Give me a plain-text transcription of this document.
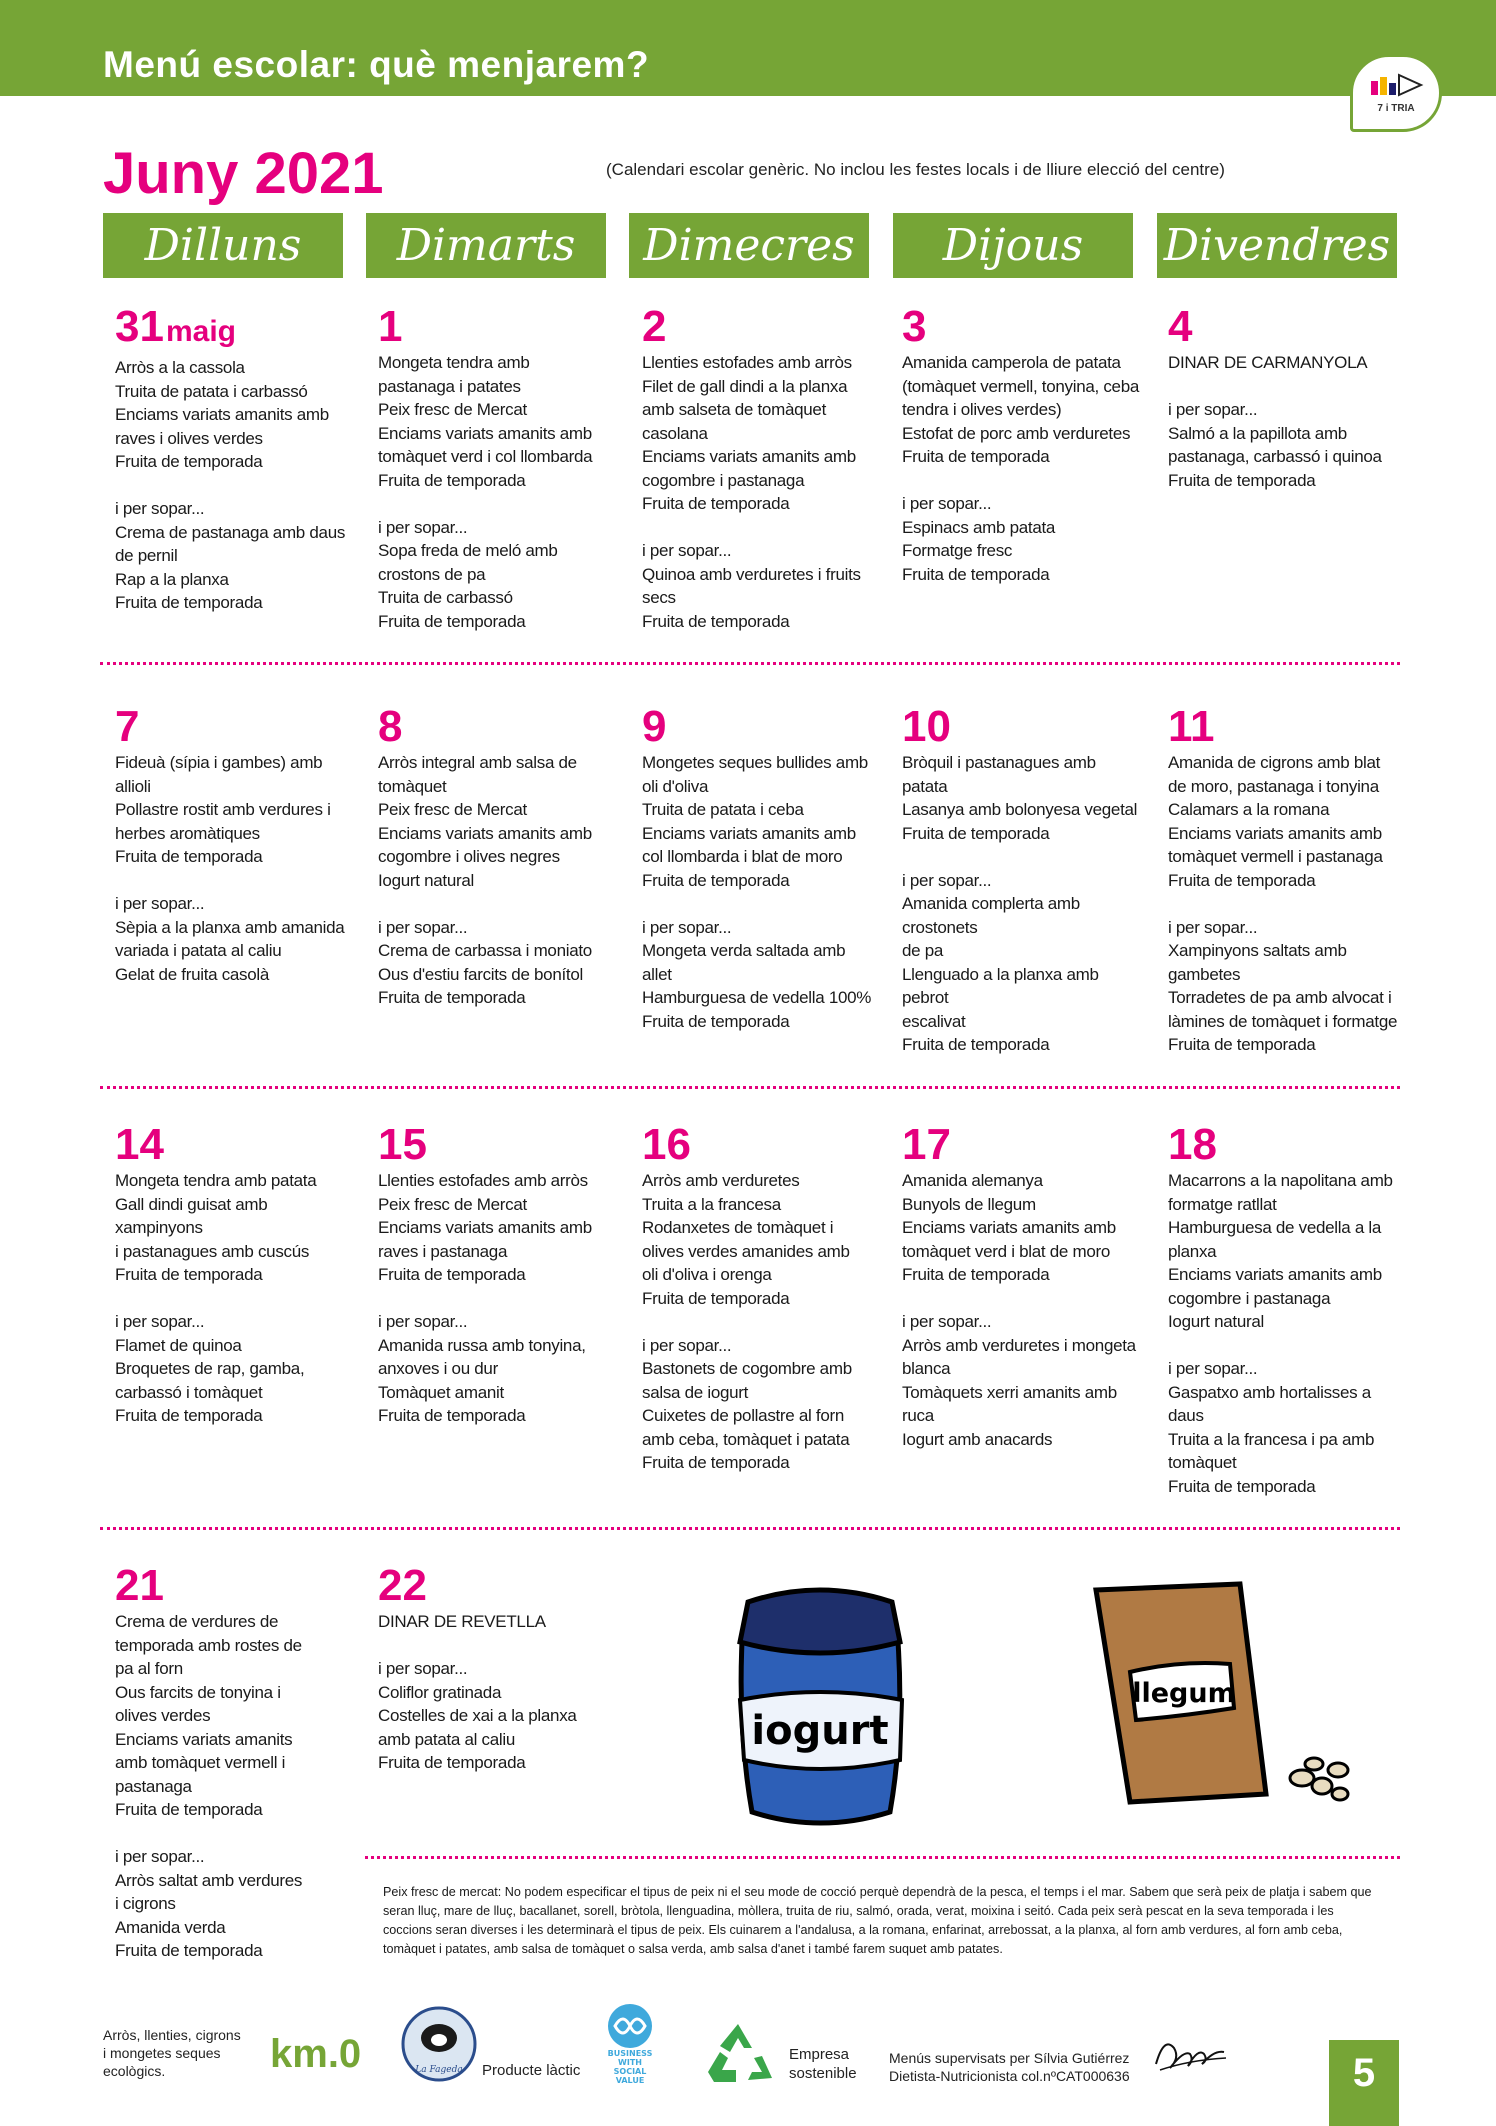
Menú escolar: què menjarem?
7 i TRIA
Juny 2021	(Calendari escolar genèric. No inclou les festes locals i de lliure elecció del centre)
Dilluns	Dimarts	Dimecres	Dijous	Divendres
31maig
Arròs a la cassola
Truita de patata i carbassó
Enciams variats amanits amb
raves i olives verdes
Fruita de temporada
i per sopar...
Crema de pastanaga amb daus
de pernil
Rap a la planxa
Fruita de temporada
1
Mongeta tendra amb
pastanaga i patates
Peix fresc de Mercat
Enciams variats amanits amb
tomàquet verd i col llombarda
Fruita de temporada
i per sopar...
Sopa freda de meló amb
crostons de pa
Truita de carbassó
Fruita de temporada
2
Llenties estofades amb arròs
Filet de gall dindi a la planxa
amb salseta de tomàquet
casolana
Enciams variats amanits amb
cogombre i pastanaga
Fruita de temporada
i per sopar...
Quinoa amb verduretes i fruits
secs
Fruita de temporada
3
Amanida camperola de patata
(tomàquet vermell, tonyina, ceba
tendra i olives verdes)
Estofat de porc amb verduretes
Fruita de temporada
i per sopar...
Espinacs amb patata
Formatge fresc
Fruita de temporada
4
DINAR DE CARMANYOLA
i per sopar...
Salmó a la papillota amb
pastanaga, carbassó i quinoa
Fruita de temporada
7
Fideuà (sípia i gambes) amb
allioli
Pollastre rostit amb verdures i
herbes aromàtiques
Fruita de temporada
i per sopar...
Sèpia a la planxa amb amanida
variada i patata al caliu
Gelat de fruita casolà
8
Arròs integral amb salsa de
tomàquet
Peix fresc de Mercat
Enciams variats amanits amb
cogombre i olives negres
Iogurt natural
i per sopar...
Crema de carbassa i moniato
Ous d'estiu farcits de bonítol
Fruita de temporada
9
Mongetes seques bullides amb
oli d'oliva
Truita de patata i ceba
Enciams variats amanits amb
col llombarda i blat de moro
Fruita de temporada
i per sopar...
Mongeta verda saltada amb
allet
Hamburguesa de vedella 100%
Fruita de temporada
10
Bròquil i pastanagues amb patata
Lasanya amb bolonyesa vegetal
Fruita de temporada
i per sopar...
Amanida complerta amb crostonets
de pa
Llenguado a la planxa amb pebrot
escalivat
Fruita de temporada
11
Amanida de cigrons amb blat
de moro, pastanaga i tonyina
Calamars a la romana
Enciams variats amanits amb
tomàquet vermell i pastanaga
Fruita de temporada
i per sopar...
Xampinyons saltats amb
gambetes
Torradetes de pa amb alvocat i
làmines de tomàquet i formatge
Fruita de temporada
14
Mongeta tendra amb patata
Gall dindi guisat amb xampinyons
i pastanagues amb cuscús
Fruita de temporada
i per sopar...
Flamet de quinoa
Broquetes de rap, gamba,
carbassó i tomàquet
Fruita de temporada
15
Llenties estofades amb arròs
Peix fresc de Mercat
Enciams variats amanits amb
raves i pastanaga
Fruita de temporada
i per sopar...
Amanida russa amb tonyina,
anxoves i ou dur
Tomàquet amanit
Fruita de temporada
16
Arròs amb verduretes
Truita a la francesa
Rodanxetes de tomàquet i
olives verdes amanides amb
oli d'oliva i orenga
Fruita de temporada
i per sopar...
Bastonets de cogombre amb
salsa de iogurt
Cuixetes de pollastre al forn
amb ceba, tomàquet i patata
Fruita de temporada
17
Amanida alemanya
Bunyols de llegum
Enciams variats amanits amb
tomàquet verd i blat de moro
Fruita de temporada
i per sopar...
Arròs amb verduretes i mongeta
blanca
Tomàquets xerri amanits amb
ruca
Iogurt amb anacards
18
Macarrons a la napolitana amb
formatge ratllat
Hamburguesa de vedella a la
planxa
Enciams variats amanits amb
cogombre i pastanaga
Iogurt natural
i per sopar...
Gaspatxo amb hortalisses a daus
Truita a la francesa i pa amb
tomàquet
Fruita de temporada
21
Crema de verdures de
temporada amb rostes de
pa al forn
Ous farcits de tonyina i
olives verdes
Enciams variats amanits
amb tomàquet vermell i
pastanaga
Fruita de temporada
i per sopar...
Arròs saltat amb verdures
i cigrons
Amanida verda
Fruita de temporada
22
DINAR DE REVETLLA
i per sopar...
Coliflor gratinada
Costelles de xai a la planxa
amb patata al caliu
Fruita de temporada
iogurt
llegum
Peix fresc de mercat: No podem especificar el tipus de peix ni el seu mode de cocció perquè dependrà de la pesca, el temps i el mar. Sabem que serà peix de platja i sabem que seran lluç, mare de lluç, bacallanet, sorell, bròtola, llenguadina, mòllera, truita de riu, salmó, orada, verat, moixina i seitó. Cada peix serà pescat en la seva temporada i les coccions seran diverses i les determinarà el tipus de peix. Els cuinarem a l'andalusa, a la romana, enfarinat, arrebossat, a la planxa, al forn amb verdures, al forn amb ceba, tomàquet i patates, amb salsa de tomàquet o salsa verda, amb salsa d'anet i també farem suquet amb patates.
Arròs, llenties, cigrons
i mongetes seques
ecològics.	km.0	La Fageda Producte làctic
BUSINESS
WITH
SOCIAL
VALUE
Empresa
sostenible
Menús supervisats per Sílvia Gutiérrez
Dietista-Nutricionista col.nºCAT000636	5
